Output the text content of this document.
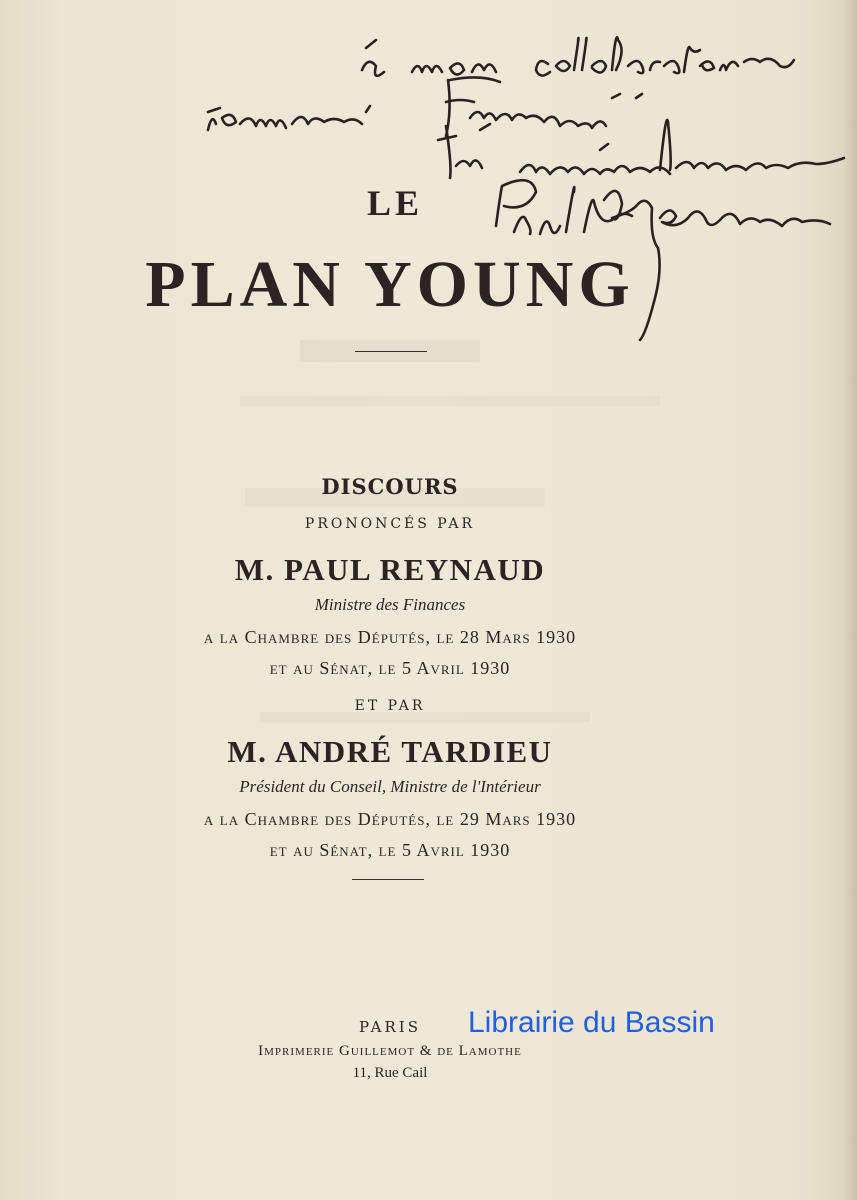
LE
PLAN YOUNG
DISCOURS
PRONONCÉS PAR
M. PAUL REYNAUD
Ministre des Finances
a la Chambre des Députés, le 28 Mars 1930
et au Sénat, le 5 Avril 1930
ET PAR
M. ANDRÉ TARDIEU
Président du Conseil, Ministre de l'Intérieur
a la Chambre des Députés, le 29 Mars 1930
et au Sénat, le 5 Avril 1930
PARIS
Imprimerie Guillemot & de Lamothe
11, Rue Cail
Librairie du Bassin
